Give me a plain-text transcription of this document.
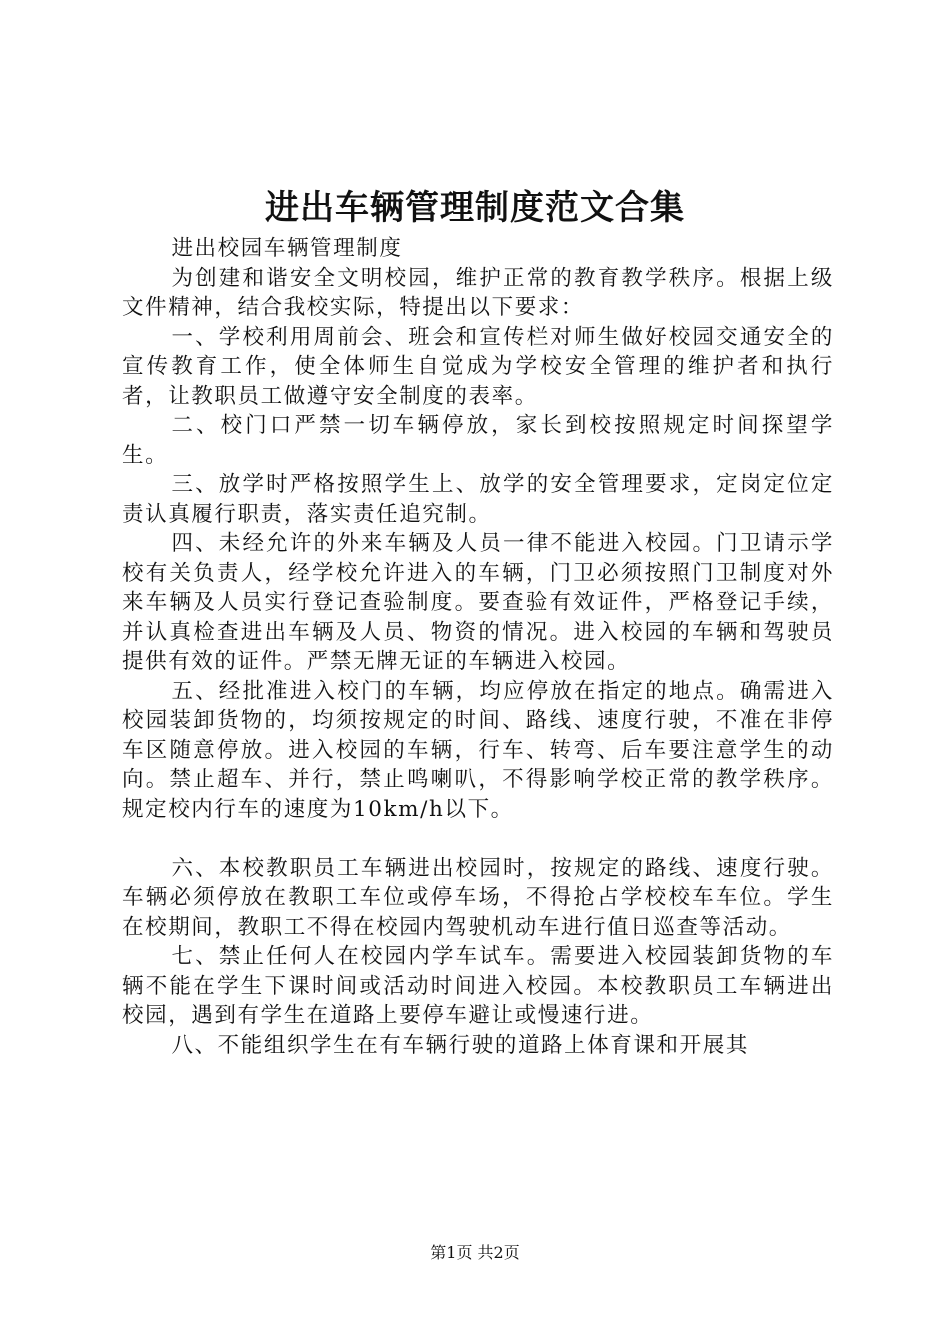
进出车辆管理制度范文合集

进出校园车辆管理制度

为创建和谐安全文明校园，维护正常的教育教学秩序。根据上级文件精神，结合我校实际，特提出以下要求：

一、学校利用周前会、班会和宣传栏对师生做好校园交通安全的宣传教育工作，使全体师生自觉成为学校安全管理的维护者和执行者，让教职员工做遵守安全制度的表率。

二、校门口严禁一切车辆停放，家长到校按照规定时间探望学生。

三、放学时严格按照学生上、放学的安全管理要求，定岗定位定责认真履行职责，落实责任追究制。

四、未经允许的外来车辆及人员一律不能进入校园。门卫请示学校有关负责人，经学校允许进入的车辆，门卫必须按照门卫制度对外来车辆及人员实行登记查验制度。要查验有效证件，严格登记手续，并认真检查进出车辆及人员、物资的情况。进入校园的车辆和驾驶员提供有效的证件。严禁无牌无证的车辆进入校园。

五、经批准进入校门的车辆，均应停放在指定的地点。确需进入校园装卸货物的，均须按规定的时间、路线、速度行驶，不准在非停车区随意停放。进入校园的车辆，行车、转弯、后车要注意学生的动向。禁止超车、并行，禁止鸣喇叭，不得影响学校正常的教学秩序。规定校内行车的速度为10km/h以下。

六、本校教职员工车辆进出校园时，按规定的路线、速度行驶。车辆必须停放在教职工车位或停车场，不得抢占学校校车车位。学生在校期间，教职工不得在校园内驾驶机动车进行值日巡查等活动。

七、禁止任何人在校园内学车试车。需要进入校园装卸货物的车辆不能在学生下课时间或活动时间进入校园。本校教职员工车辆进出校园，遇到有学生在道路上要停车避让或慢速行进。

八、不能组织学生在有车辆行驶的道路上体育课和开展其

第1页 共2页
